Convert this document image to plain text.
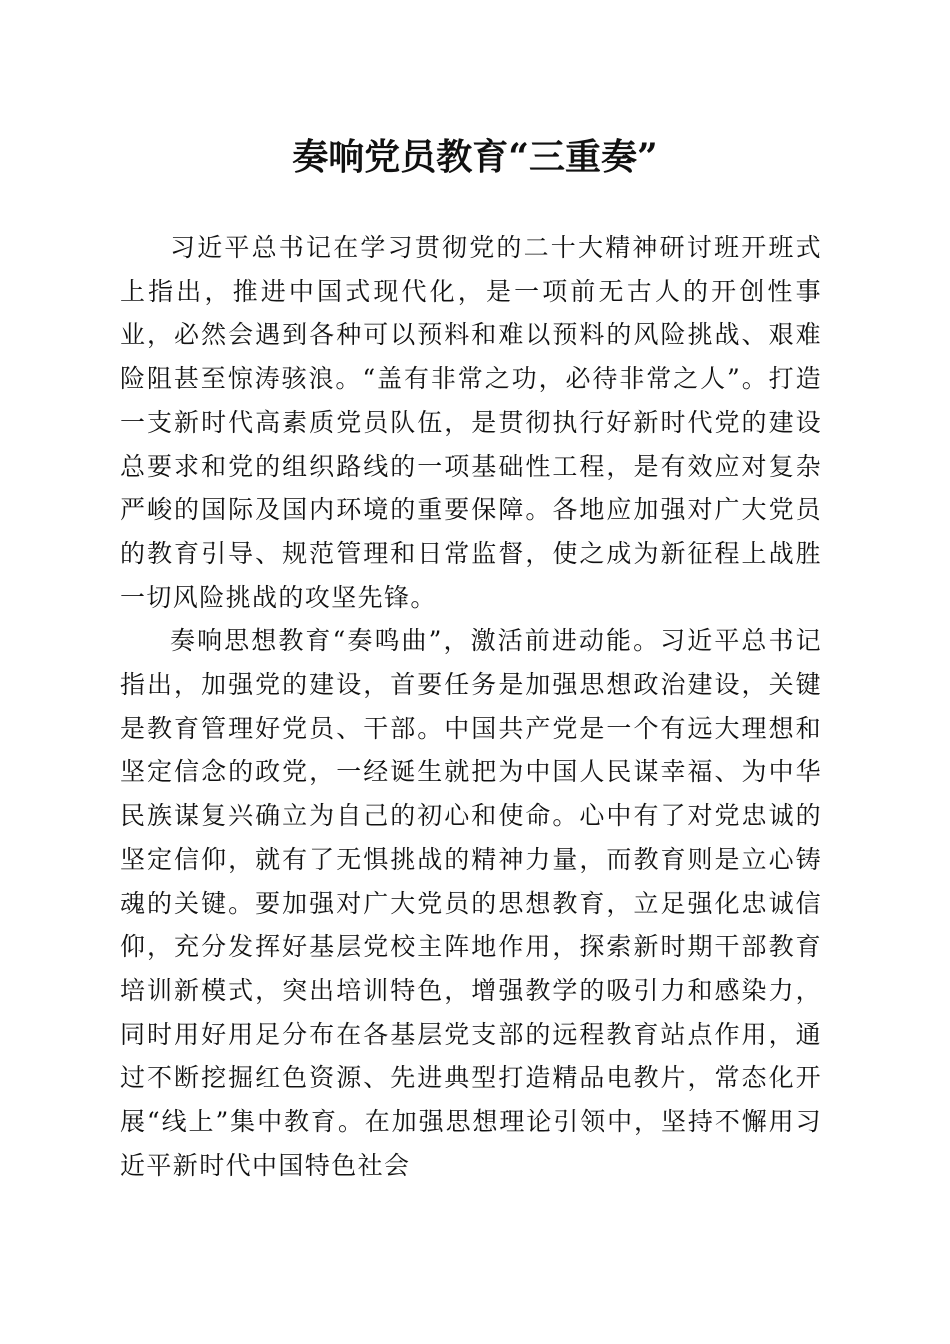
奏响党员教育“三重奏”

习近平总书记在学习贯彻党的二十大精神研讨班开班式上指出，推进中国式现代化，是一项前无古人的开创性事业，必然会遇到各种可以预料和难以预料的风险挑战、艰难险阻甚至惊涛骇浪。“盖有非常之功，必待非常之人”。打造一支新时代高素质党员队伍，是贯彻执行好新时代党的建设总要求和党的组织路线的一项基础性工程，是有效应对复杂严峻的国际及国内环境的重要保障。各地应加强对广大党员的教育引导、规范管理和日常监督，使之成为新征程上战胜一切风险挑战的攻坚先锋。

奏响思想教育“奏鸣曲”，激活前进动能。习近平总书记指出，加强党的建设，首要任务是加强思想政治建设，关键是教育管理好党员、干部。中国共产党是一个有远大理想和坚定信念的政党，一经诞生就把为中国人民谋幸福、为中华民族谋复兴确立为自己的初心和使命。心中有了对党忠诚的坚定信仰，就有了无惧挑战的精神力量，而教育则是立心铸魂的关键。要加强对广大党员的思想教育，立足强化忠诚信仰，充分发挥好基层党校主阵地作用，探索新时期干部教育培训新模式，突出培训特色，增强教学的吸引力和感染力，同时用好用足分布在各基层党支部的远程教育站点作用，通过不断挖掘红色资源、先进典型打造精品电教片，常态化开展“线上”集中教育。在加强思想理论引领中，坚持不懈用习近平新时代中国特色社会
